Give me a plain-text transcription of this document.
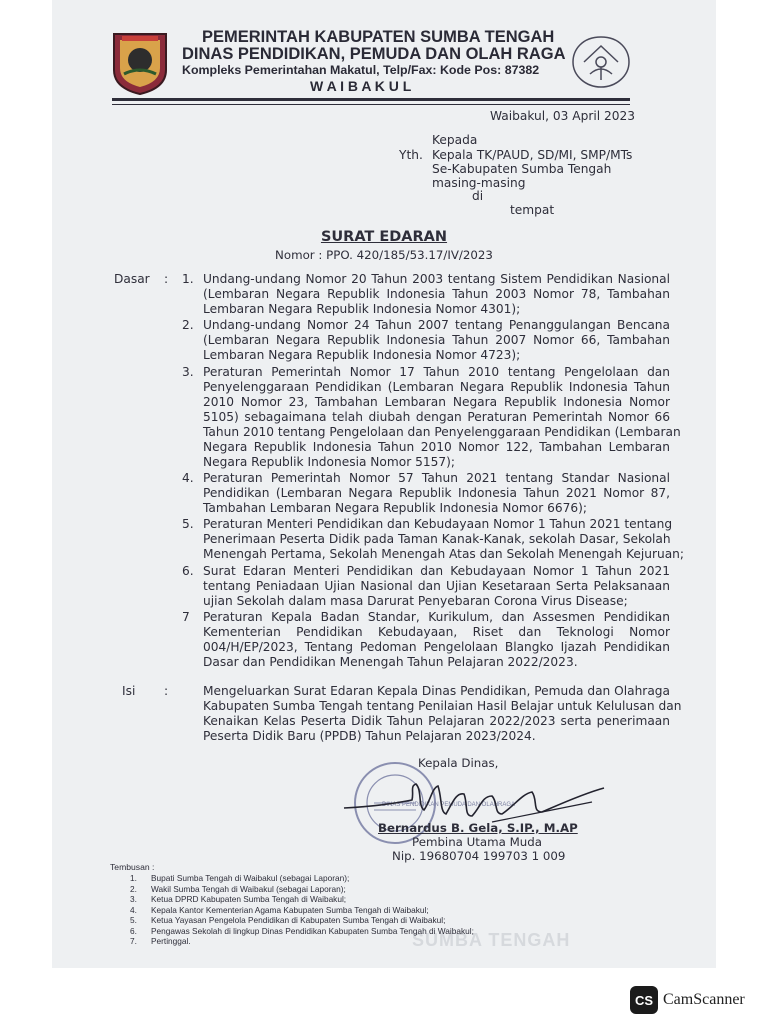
PEMERINTAH KABUPATEN SUMBA TENGAH
DINAS PENDIDIKAN, PEMUDA DAN OLAH RAGA
Kompleks Pemerintahan Makatul, Telp/Fax: Kode Pos: 87382
W A I B A K U L
Waibakul, 03 April 2023
Kepada
Yth. Kepala TK/PAUD, SD/MI, SMP/MTs
Se-Kabupaten Sumba Tengah
masing-masing
di
tempat
SURAT EDARAN
Nomor : PPO. 420/185/53.17/IV/2023
Dasar : 1. Undang-undang Nomor 20 Tahun 2003 tentang Sistem Pendidikan Nasional
(Lembaran Negara Republik Indonesia Tahun 2003 Nomor 78, Tambahan
Lembaran Negara Republik Indonesia Nomor 4301);
2. Undang-undang Nomor 24 Tahun 2007 tentang Penanggulangan Bencana
(Lembaran Negara Republik Indonesia Tahun 2007 Nomor 66, Tambahan
Lembaran Negara Republik Indonesia Nomor 4723);
3. Peraturan Pemerintah Nomor 17 Tahun 2010 tentang Pengelolaan dan
Penyelenggaraan Pendidikan (Lembaran Negara Republik Indonesia Tahun
2010 Nomor 23, Tambahan Lembaran Negara Republik Indonesia Nomor
5105) sebagaimana telah diubah dengan Peraturan Pemerintah Nomor 66
Tahun 2010 tentang Pengelolaan dan Penyelenggaraan Pendidikan (Lembaran
Negara Republik Indonesia Tahun 2010 Nomor 122, Tambahan Lembaran
Negara Republik Indonesia Nomor 5157);
4. Peraturan Pemerintah Nomor 57 Tahun 2021 tentang Standar Nasional
Pendidikan (Lembaran Negara Republik Indonesia Tahun 2021 Nomor 87,
Tambahan Lembaran Negara Republik Indonesia Nomor 6676);
5. Peraturan Menteri Pendidikan dan Kebudayaan Nomor 1 Tahun 2021 tentang
Penerimaan Peserta Didik pada Taman Kanak-Kanak, sekolah Dasar, Sekolah
Menengah Pertama, Sekolah Menengah Atas dan Sekolah Menengah Kejuruan;
6. Surat Edaran Menteri Pendidikan dan Kebudayaan Nomor 1 Tahun 2021
tentang Peniadaan Ujian Nasional dan Ujian Kesetaraan Serta Pelaksanaan
ujian Sekolah dalam masa Darurat Penyebaran Corona Virus Disease;
7 Peraturan Kepala Badan Standar, Kurikulum, dan Assesmen Pendidikan
Kementerian Pendidikan Kebudayaan, Riset dan Teknologi Nomor
004/H/EP/2023, Tentang Pedoman Pengelolaan Blangko Ijazah Pendidikan
Dasar dan Pendidikan Menengah Tahun Pelajaran 2022/2023.
Isi :	Mengeluarkan Surat Edaran Kepala Dinas Pendidikan, Pemuda dan Olahraga
Kabupaten Sumba Tengah tentang Penilaian Hasil Belajar untuk Kelulusan dan
Kenaikan Kelas Peserta Didik Tahun Pelajaran 2022/2023 serta penerimaan
Peserta Didik Baru (PPDB) Tahun Pelajaran 2023/2024.
DINAS PENDIDIKAN PEMUDA DAN OLAHRAGA
Kepala Dinas,
Bernardus B. Gela, S.IP., M.AP
Pembina Utama Muda
Nip. 19680704 199703 1 009
SUMBA TENGAH
Tembusan :
1. Bupati Sumba Tengah di Waibakul (sebagai Laporan);
2. Wakil Sumba Tengah di Waibakul (sebagai Laporan);
3. Ketua DPRD Kabupaten Sumba Tengah di Waibakul;
4. Kepala Kantor Kementerian Agama Kabupaten Sumba Tengah di Waibakul;
5. Ketua Yayasan Pengelola Pendidikan di Kabupaten Sumba Tengah di Waibakul;
6. Pengawas Sekolah di lingkup Dinas Pendidikan Kabupaten Sumba Tengah di Waibakul;
7. Pertinggal.
CS CamScanner
